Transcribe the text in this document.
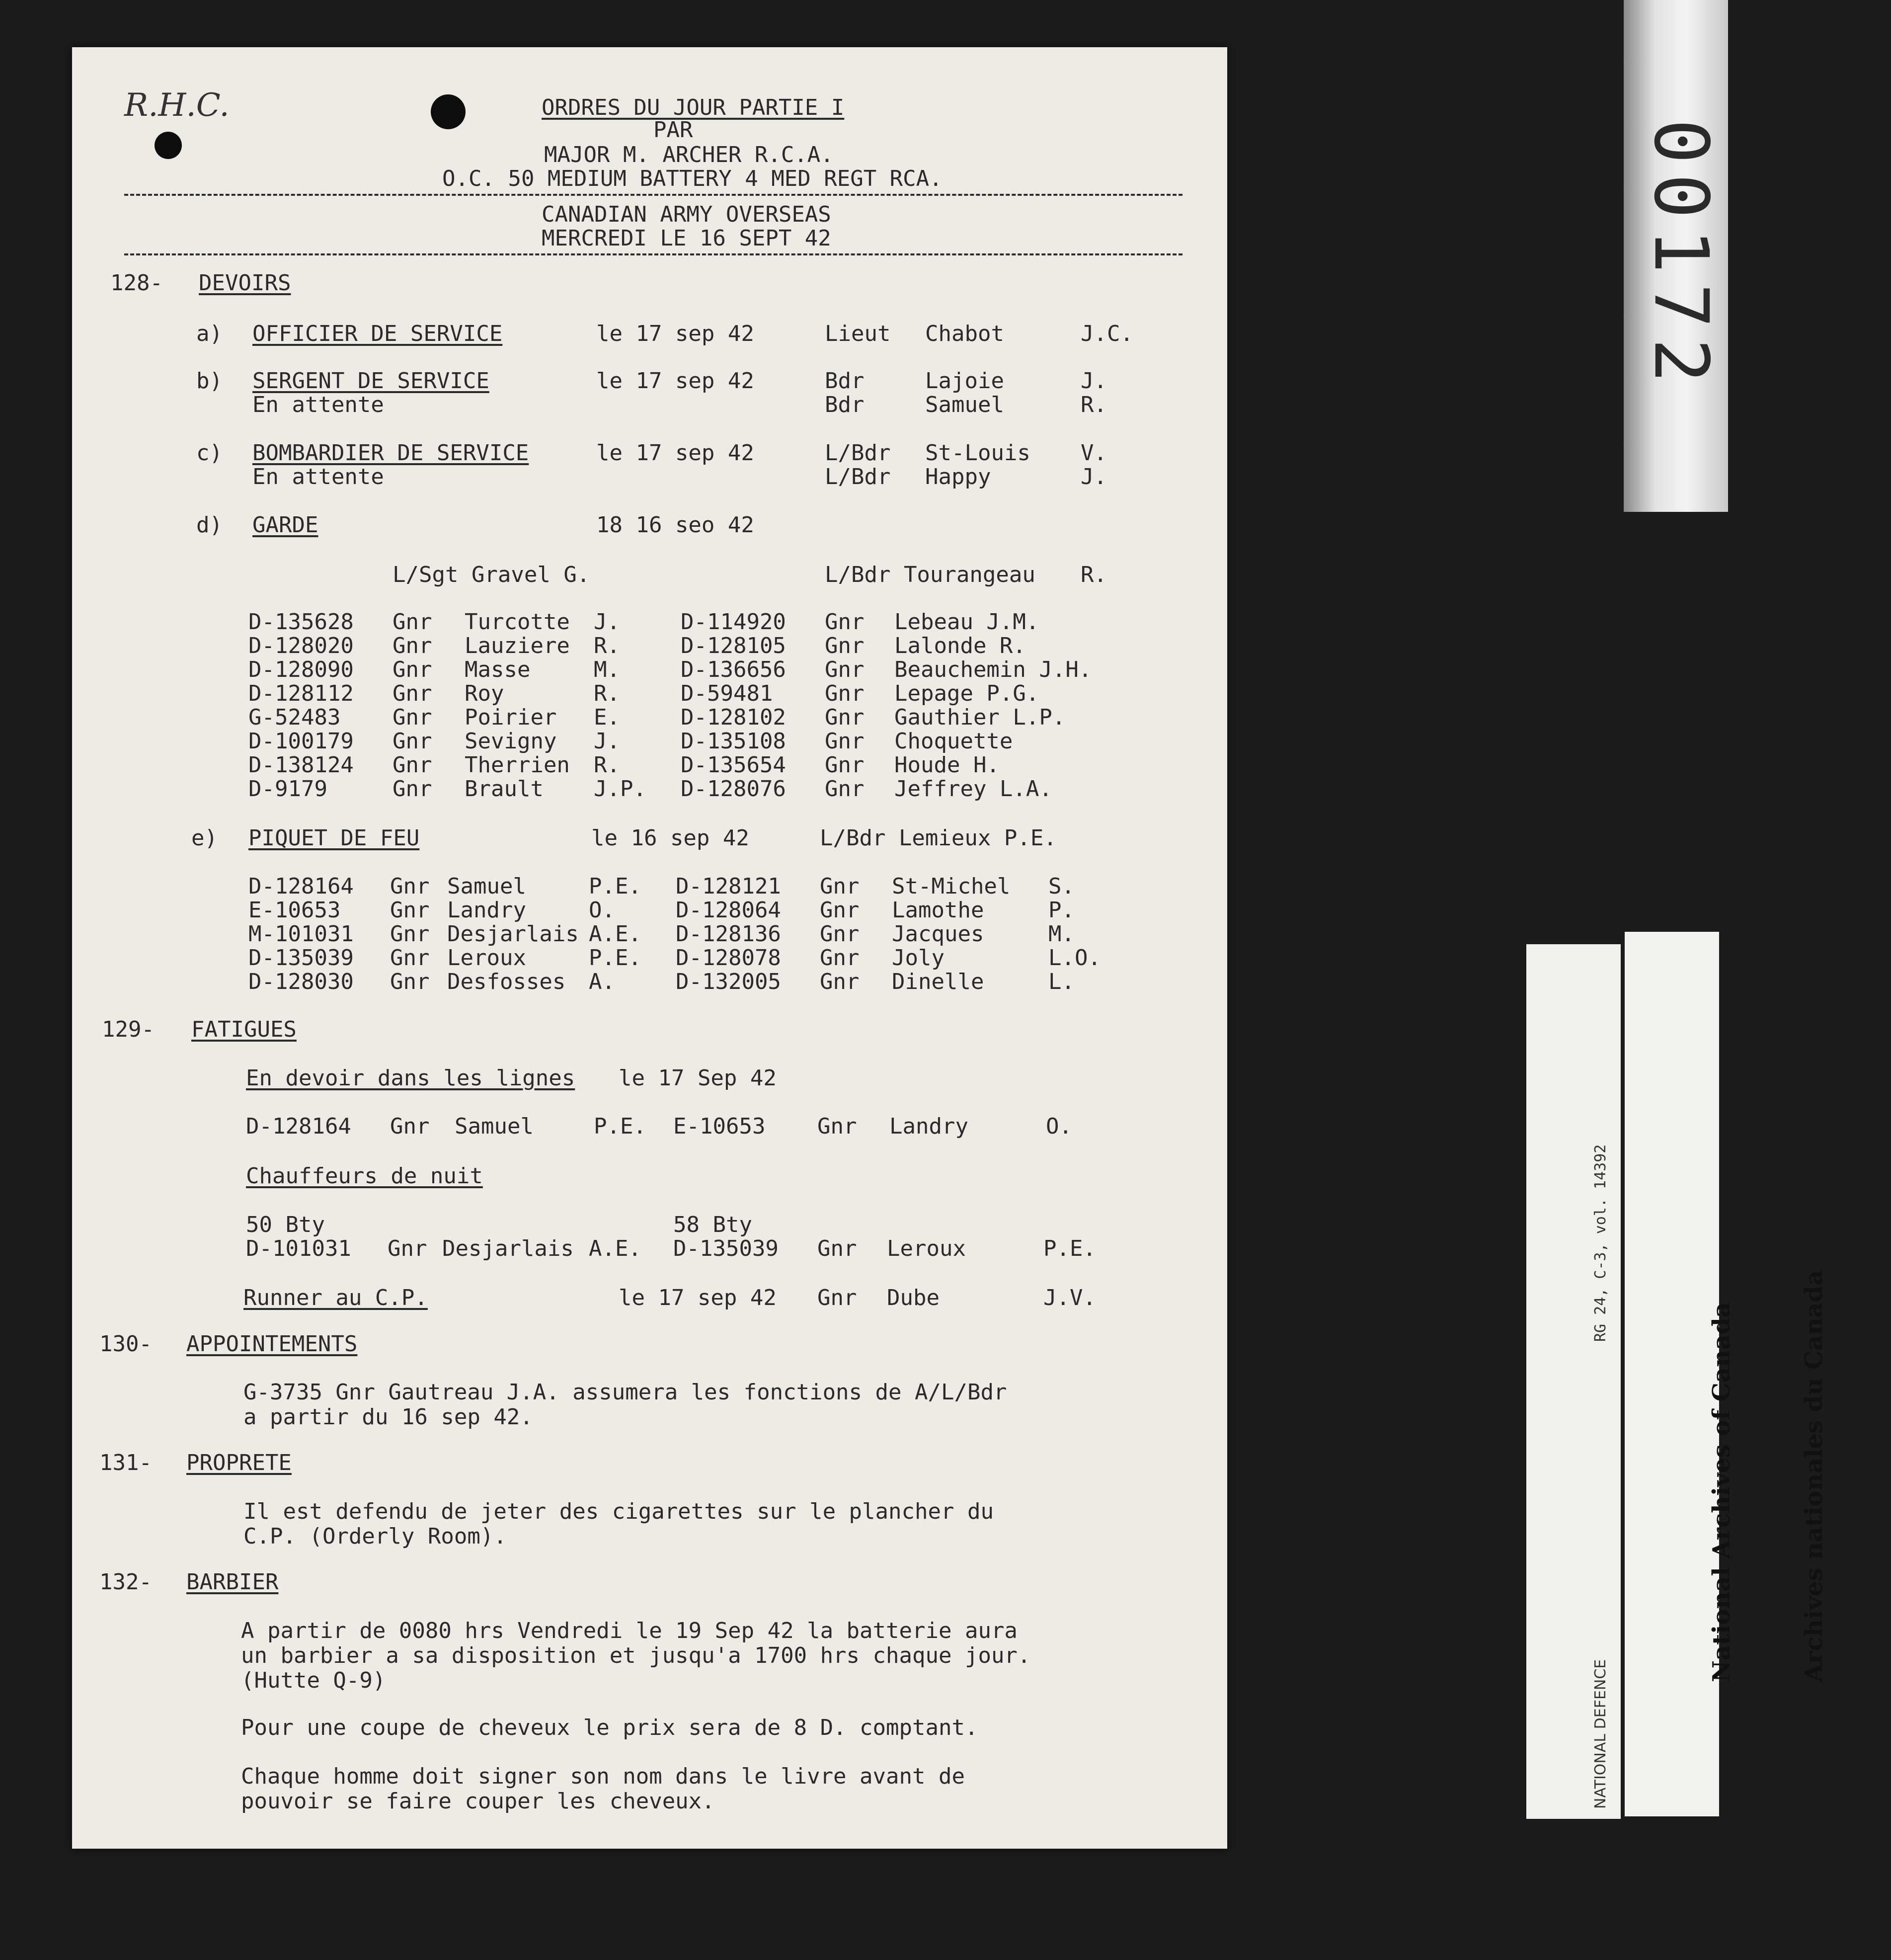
R.H.C.	ORDRES DU JOUR PARTIE I
PAR
MAJOR M. ARCHER R.C.A.
O.C. 50 MEDIUM BATTERY 4 MED REGT RCA.
CANADIAN ARMY OVERSEAS
MERCREDI LE 16 SEPT 42
128- DEVOIRS
a) OFFICIER DE SERVICE	le 17 sep 42	Lieut Chabot	J.C.
b) SERGENT DE SERVICE	le 17 sep 42	Bdr	Lajoie	J.
En attente	Bdr	Samuel	R.
c) BOMBARDIER DE SERVICE	le 17 sep 42	L/Bdr St-Louis V.
En attente	L/Bdr Happy	J.
d) GARDE	18 16 seo 42
L/Sgt Gravel G.	L/Bdr Tourangeau R.
D-135628 Gnr Turcotte J.	D-114920 Gnr Lebeau J.M.
D-128020 Gnr Lauziere R.	D-128105 Gnr Lalonde R.
D-128090 Gnr Masse	M.	D-136656 Gnr Beauchemin J.H.
D-128112 Gnr Roy	R.	D-59481 Gnr Lepage P.G.
G-52483 Gnr Poirier E.	D-128102 Gnr Gauthier L.P.
D-100179 Gnr Sevigny J.	D-135108 Gnr Choquette
D-138124 Gnr Therrien R.	D-135654 Gnr Houde H.
D-9179	Gnr Brault J.P. D-128076 Gnr Jeffrey L.A.
e) PIQUET DE FEU	le 16 sep 42	L/Bdr Lemieux P.E.
D-128164 Gnr Samuel	P.E. D-128121 Gnr St-Michel S.
E-10653 Gnr Landry	O.	D-128064 Gnr Lamothe	P.
M-101031 Gnr Desjarlais A.E. D-128136 Gnr Jacques	M.
D-135039 Gnr Leroux	P.E. D-128078 Gnr Joly	L.O.
D-128030 Gnr Desfosses A.	D-132005 Gnr Dinelle	L.
129- FATIGUES
En devoir dans les lignes le 17 Sep 42
D-128164 Gnr Samuel	P.E. E-10653 Gnr Landry	O.
Chauffeurs de nuit
50 Bty	58 Bty
D-101031 Gnr Desjarlais A.E. D-135039 Gnr Leroux	P.E.
Runner au C.P.	le 17 sep 42 Gnr Dube	J.V.
130- APPOINTEMENTS
G-3735 Gnr Gautreau J.A. assumera les fonctions de A/L/Bdr
a partir du 16 sep 42.
131- PROPRETE
Il est defendu de jeter des cigarettes sur le plancher du
C.P. (Orderly Room).
132- BARBIER
A partir de 0080 hrs Vendredi le 19 Sep 42 la batterie aura
un barbier a sa disposition et jusqu'a 1700 hrs chaque jour.
(Hutte Q-9)
Pour une coupe de cheveux le prix sera de 8 D. comptant.
Chaque homme doit signer son nom dans le livre avant de
pouvoir se faire couper les cheveux.
00172

RG 24, C-3, vol. 14392

NATIONAL DEFENCE

National Archives of Canada

	Archives nationales du Canada
